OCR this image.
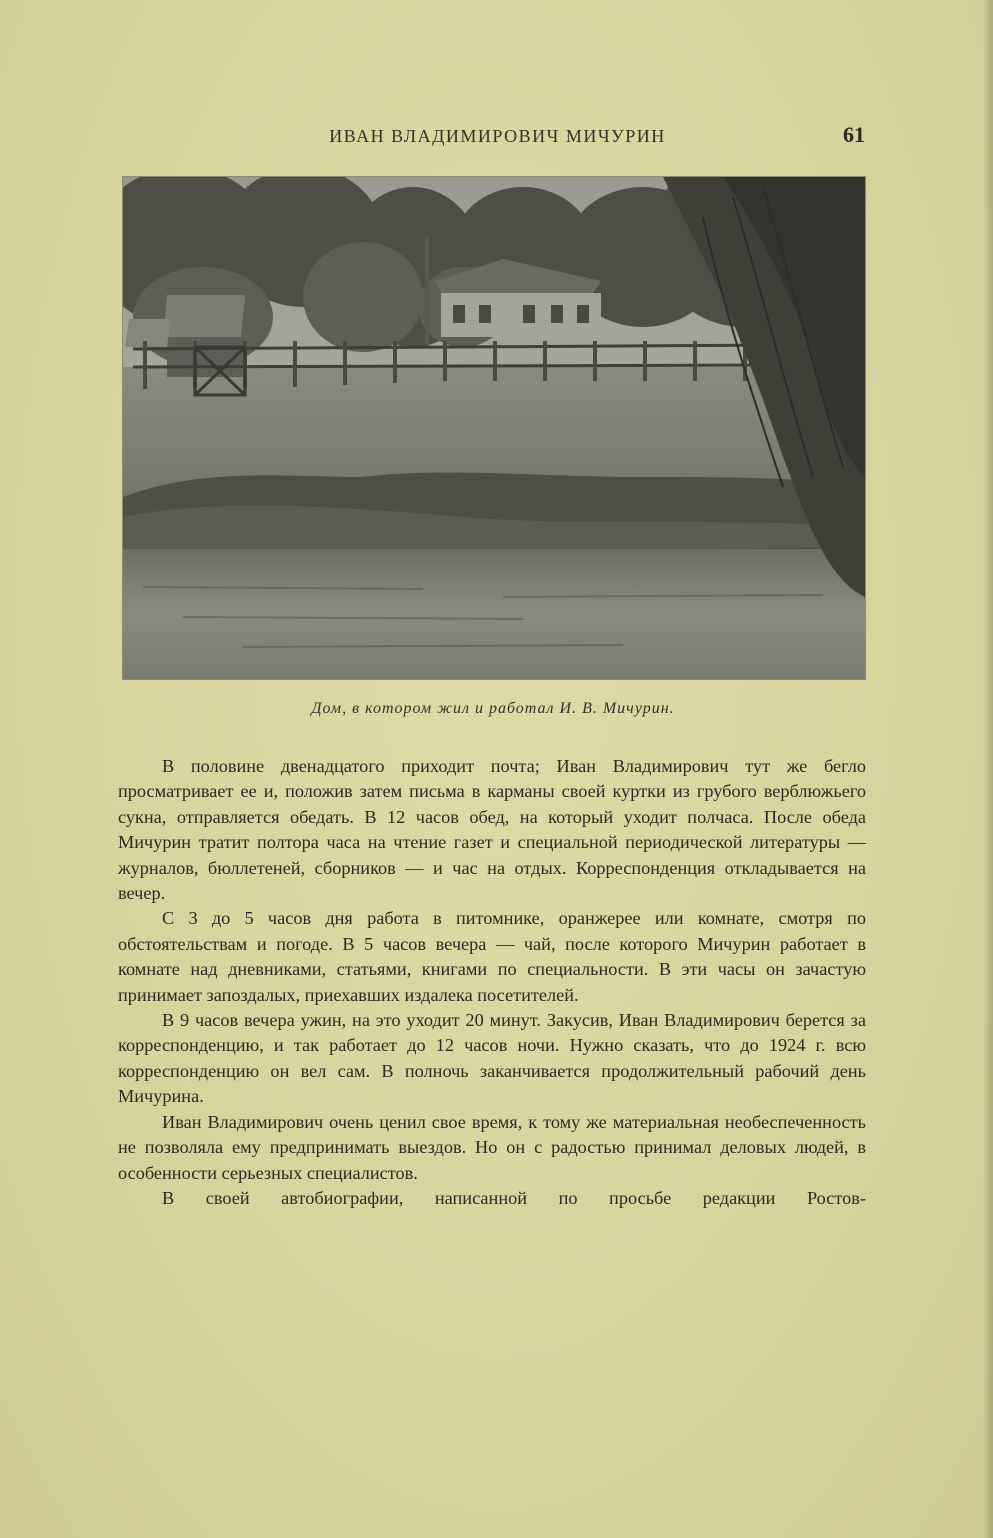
ИВАН ВЛАДИМИРОВИЧ МИЧУРИН	61
Дом, в котором жил и работал И. В. Мичурин.

В половине двенадцатого приходит почта; Иван Владимирович тут же бегло просматривает ее и, положив затем письма в карманы своей куртки из грубого верблюжьего сукна, отправляется обедать. В 12 часов обед, на который уходит полчаса. После обеда Мичурин тратит полтора часа на чтение газет и специальной периодической литературы — журналов, бюллетеней, сборников — и час на отдых. Корреспонденция откладывается на вечер.

С 3 до 5 часов дня работа в питомнике, оранжерее или комнате, смотря по обстоятельствам и погоде. В 5 часов вечера — чай, после которого Мичурин работает в комнате над дневниками, статьями, книгами по специальности. В эти часы он зачастую принимает запоздалых, приехавших издалека посетителей.

В 9 часов вечера ужин, на это уходит 20 минут. Закусив, Иван Владимирович берется за корреспонденцию, и так работает до 12 часов ночи. Нужно сказать, что до 1924 г. всю корреспонденцию он вел сам. В полночь заканчивается продолжительный рабочий день Мичурина.

Иван Владимирович очень ценил свое время, к тому же материальная необеспеченность не позволяла ему предпринимать выездов. Но он с радостью принимал деловых людей, в особенности серьезных специалистов.

В своей автобиографии, написанной по просьбе редакции Ростов-
